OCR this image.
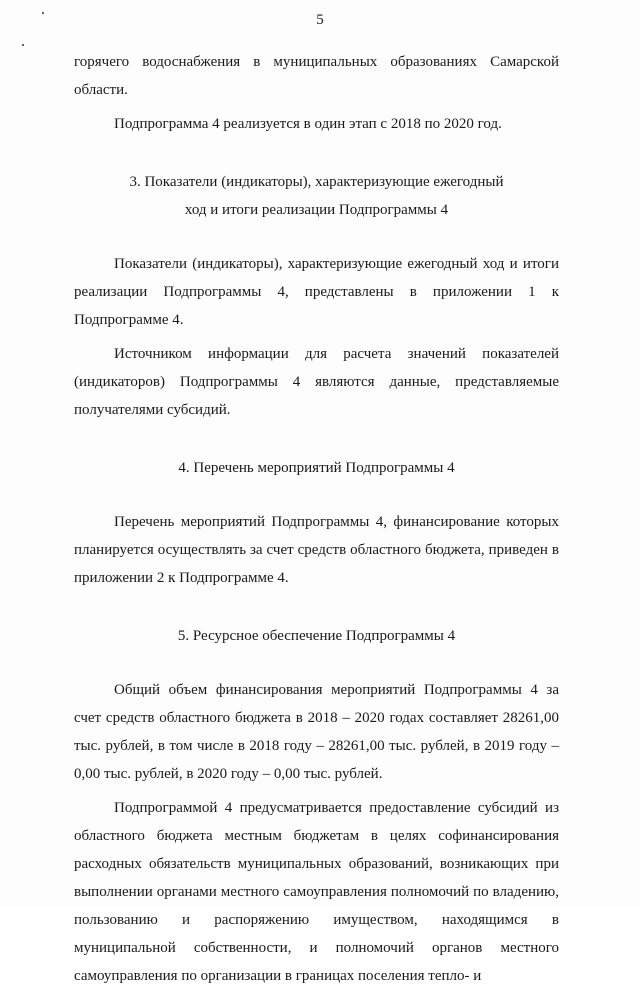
5

горячего водоснабжения в муниципальных образованиях Самарской области.

Подпрограмма 4 реализуется в один этап с 2018 по 2020 год.

3. Показатели (индикаторы), характеризующие ежегодный

ход и итоги реализации Подпрограммы 4

Показатели (индикаторы), характеризующие ежегодный ход и итоги реализации Подпрограммы 4, представлены в приложении 1 к Подпрограмме 4.

Источником информации для расчета значений показателей (индикаторов) Подпрограммы 4 являются данные, представляемые получателями субсидий.

4. Перечень мероприятий Подпрограммы 4

Перечень мероприятий Подпрограммы 4, финансирование которых планируется осуществлять за счет средств областного бюджета, приведен в приложении 2 к Подпрограмме 4.

5. Ресурсное обеспечение Подпрограммы 4

Общий объем финансирования мероприятий Подпрограммы 4 за счет средств областного бюджета в 2018 – 2020 годах составляет 28261,00 тыс. рублей, в том числе в 2018 году – 28261,00 тыс. рублей, в 2019 году – 0,00 тыс. рублей, в 2020 году – 0,00 тыс. рублей.

Подпрограммой 4 предусматривается предоставление субсидий из областного бюджета местным бюджетам в целях софинансирования расходных обязательств муниципальных образований, возникающих при выполнении органами местного самоуправления полномочий по владению, пользованию и распоряжению имуществом, находящимся в муниципальной собственности, и полномочий органов местного самоуправления по организации в границах поселения тепло- и
